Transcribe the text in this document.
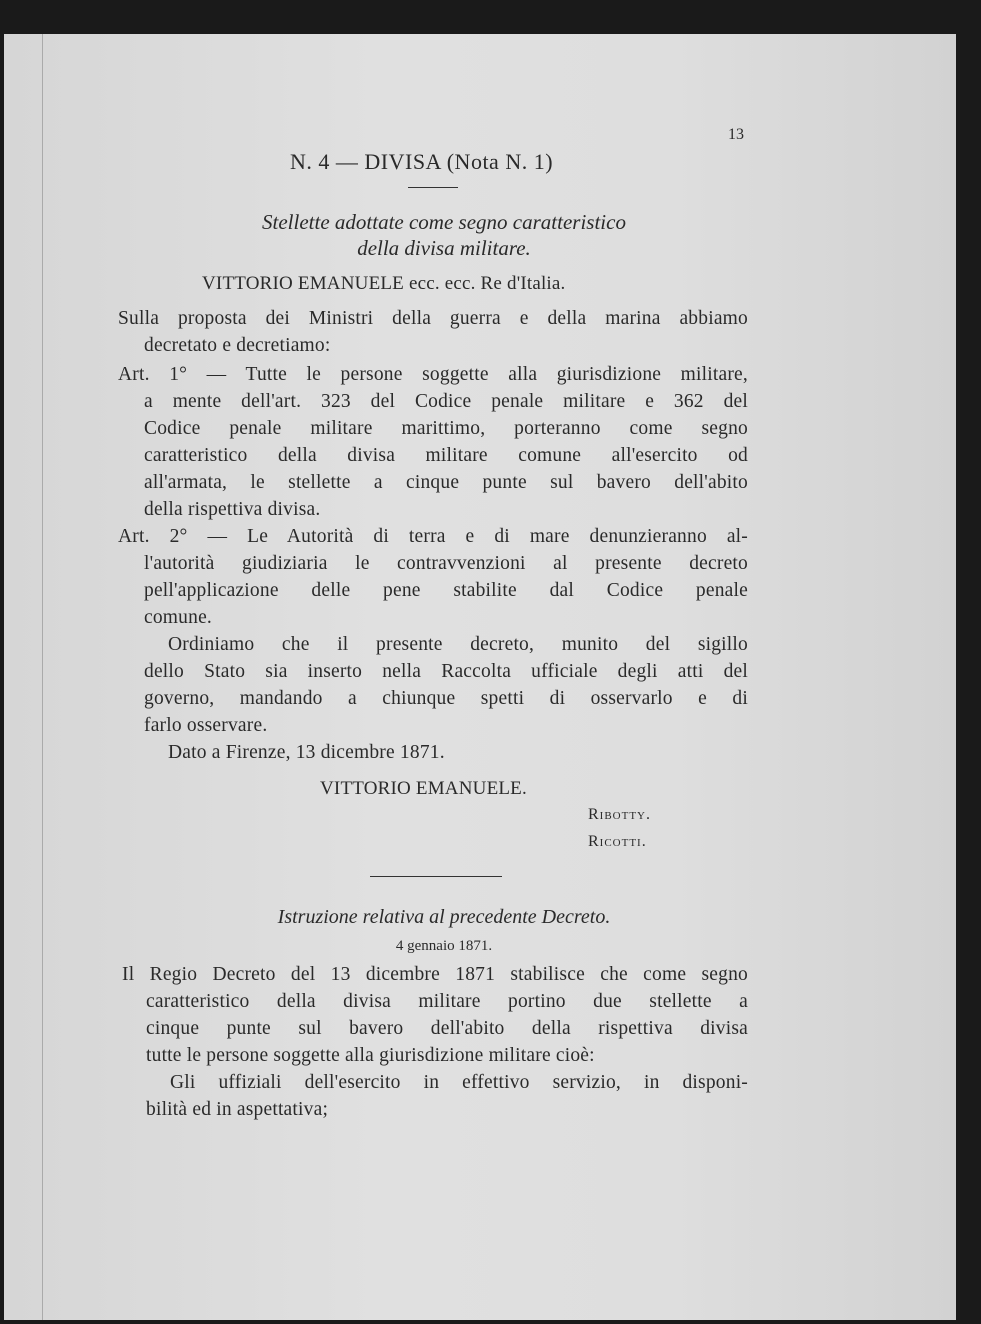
13
N. 4 — DIVISA (Nota N. 1)
Stellette adottate come segno caratteristico
della divisa militare.
VITTORIO EMANUELE ecc. ecc. Re d'Italia.
Sulla proposta dei Ministri della guerra e della marina abbiamo
decretato e decretiamo:
Art. 1° — Tutte le persone soggette alla giurisdizione militare,
a mente dell'art. 323 del Codice penale militare e 362 del
Codice penale militare marittimo, porteranno come segno
caratteristico della divisa militare comune all'esercito od
all'armata, le stellette a cinque punte sul bavero dell'abito
della rispettiva divisa.
Art. 2° — Le Autorità di terra e di mare denunzieranno al-
l'autorità giudiziaria le contravvenzioni al presente decreto
pell'applicazione delle pene stabilite dal Codice penale
comune.
Ordiniamo che il presente decreto, munito del sigillo
dello Stato sia inserto nella Raccolta ufficiale degli atti del
governo, mandando a chiunque spetti di osservarlo e di
farlo osservare.
Dato a Firenze, 13 dicembre 1871.
VITTORIO EMANUELE.
Ribotty.
Ricotti.
Istruzione relativa al precedente Decreto.
4 gennaio 1871.
Il Regio Decreto del 13 dicembre 1871 stabilisce che come segno
caratteristico della divisa militare portino due stellette a
cinque punte sul bavero dell'abito della rispettiva divisa
tutte le persone soggette alla giurisdizione militare cioè:
Gli uffiziali dell'esercito in effettivo servizio, in disponi-
bilità ed in aspettativa;
